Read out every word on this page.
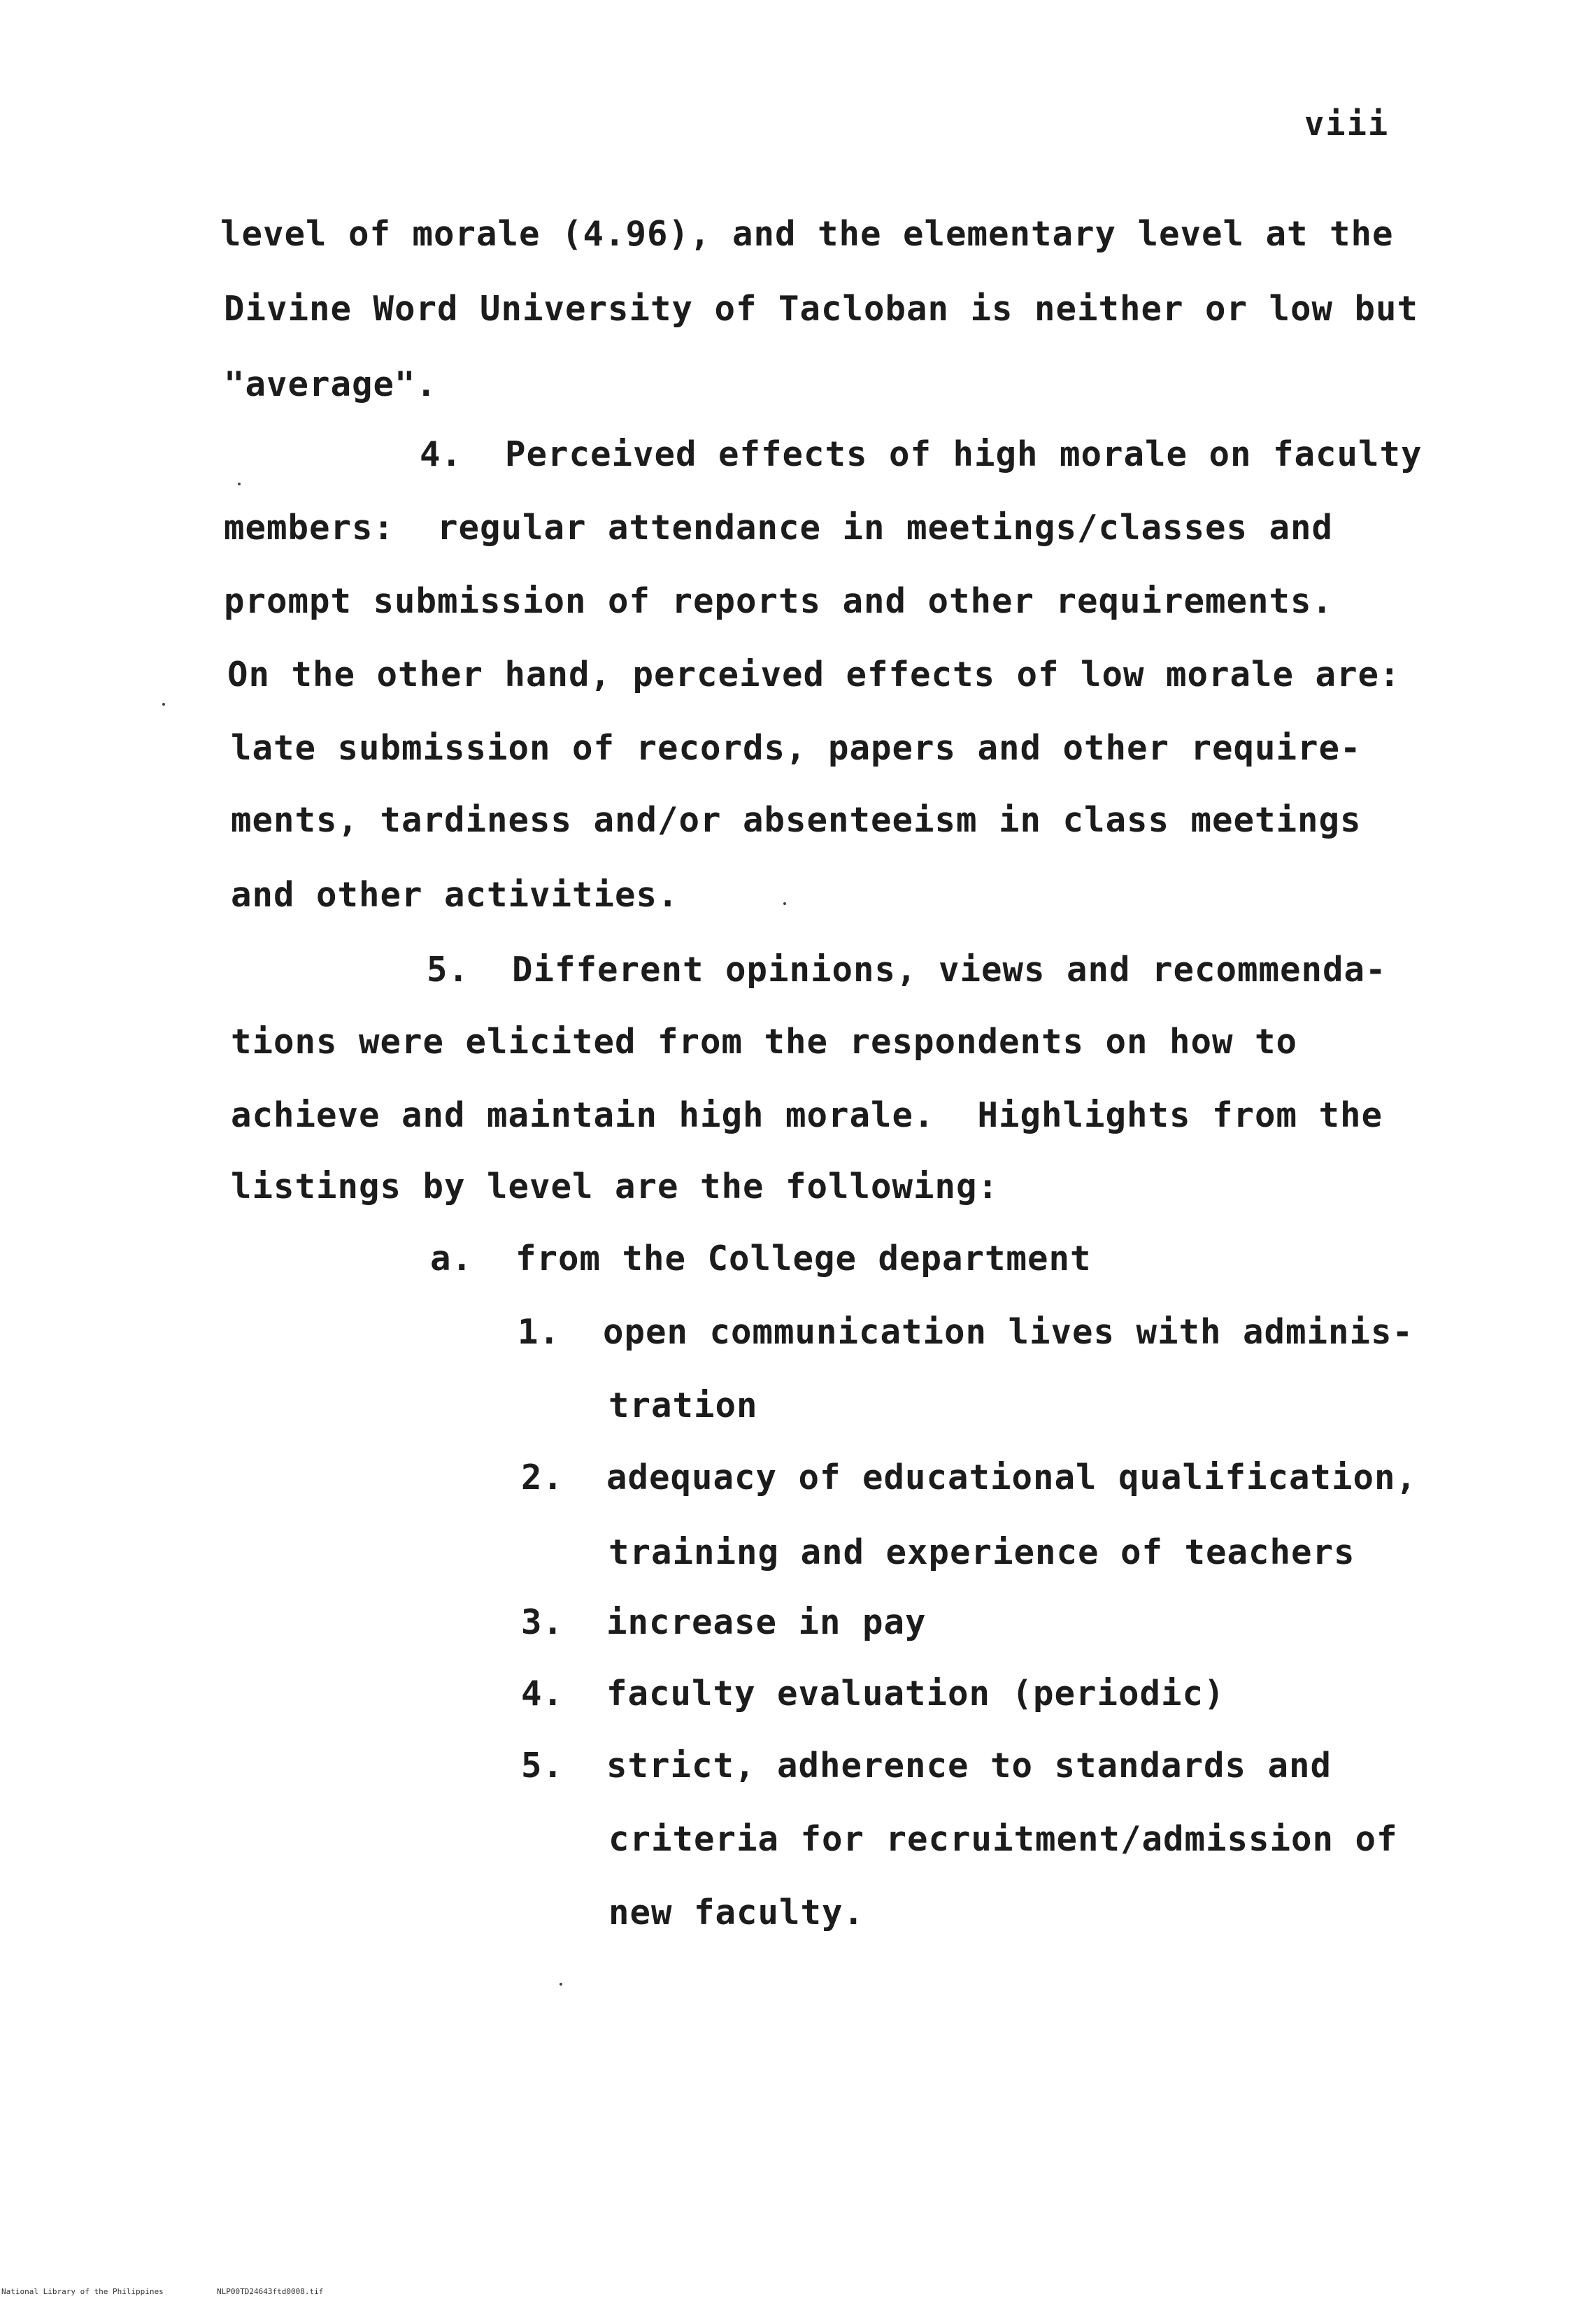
viii
level of morale (4.96), and the elementary level at the
Divine Word University of Tacloban is neither or low but
"average".
4.  Perceived effects of high morale on faculty
members:  regular attendance in meetings/classes and
prompt submission of reports and other requirements.
On the other hand, perceived effects of low morale are:
late submission of records, papers and other require-
ments, tardiness and/or absenteeism in class meetings
and other activities.
5.  Different opinions, views and recommenda-
tions were elicited from the respondents on how to
achieve and maintain high morale.  Highlights from the
listings by level are the following:
a.  from the College department
1.  open communication lives with adminis-
tration
2.  adequacy of educational qualification,
training and experience of teachers
3.  increase in pay
4.  faculty evaluation (periodic)
5.  strict, adherence to standards and
criteria for recruitment/admission of
new faculty.
National Library of the Philippines	NLP00TD24643ftd0008.tif
